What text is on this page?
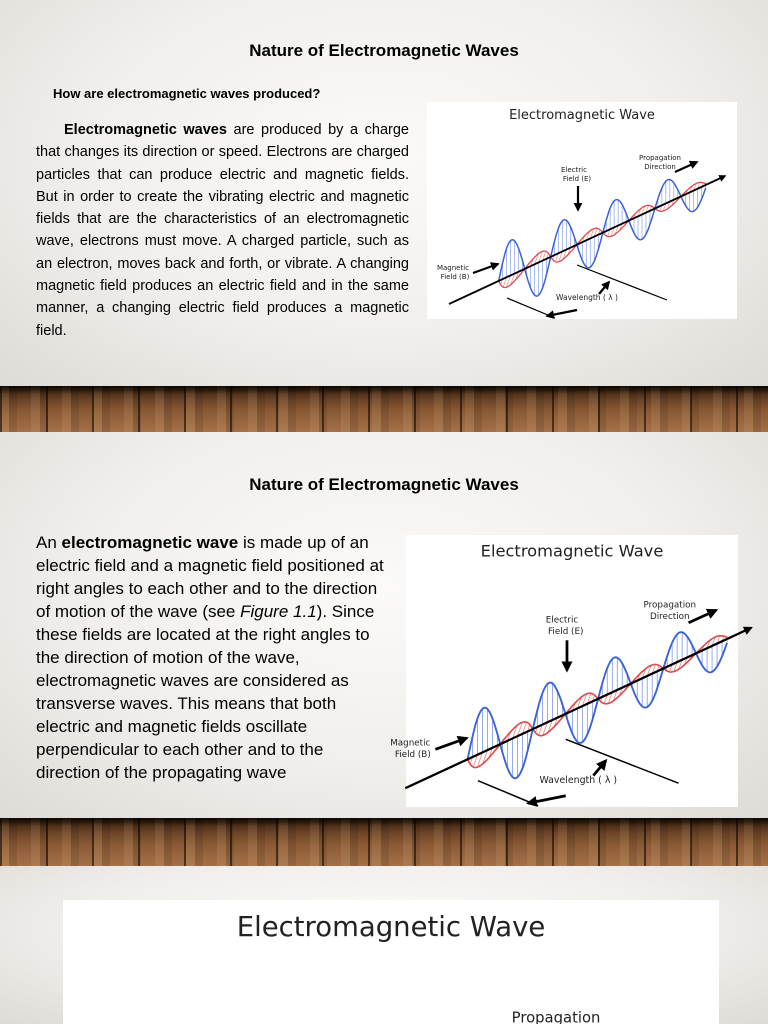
Nature of Electromagnetic Waves
How are electromagnetic waves produced?

Electromagnetic waves are produced by a charge that changes its direction or speed. Electrons are charged particles that can produce electric and magnetic fields. But in order to create the vibrating electric and magnetic fields that are the characteristics of an electromagnetic wave, electrons must move. A charged particle, such as an electron, moves back and forth, or vibrate. A changing magnetic field produces an electric field and in the same manner, a changing electric field produces a magnetic field.

Electromagnetic Wave
Wavelength ( λ )
Electric
Field (E)
Magnetic
Field (B)
Propagation
Direction
Nature of Electromagnetic Waves

An electromagnetic wave is made up of an electric field and a magnetic field positioned at right angles to each other and to the direction of motion of the wave (see Figure 1.1). Since these fields are located at the right angles to the direction of motion of the wave, electromagnetic waves are considered as transverse waves. This means that both electric and magnetic fields oscillate perpendicular to each other and to the direction of the propagating wave

Electromagnetic Wave
Wavelength ( λ )
Electric
Field (E)
Magnetic
Field (B)
Propagation
Direction
Electromagnetic Wave
Propagation
